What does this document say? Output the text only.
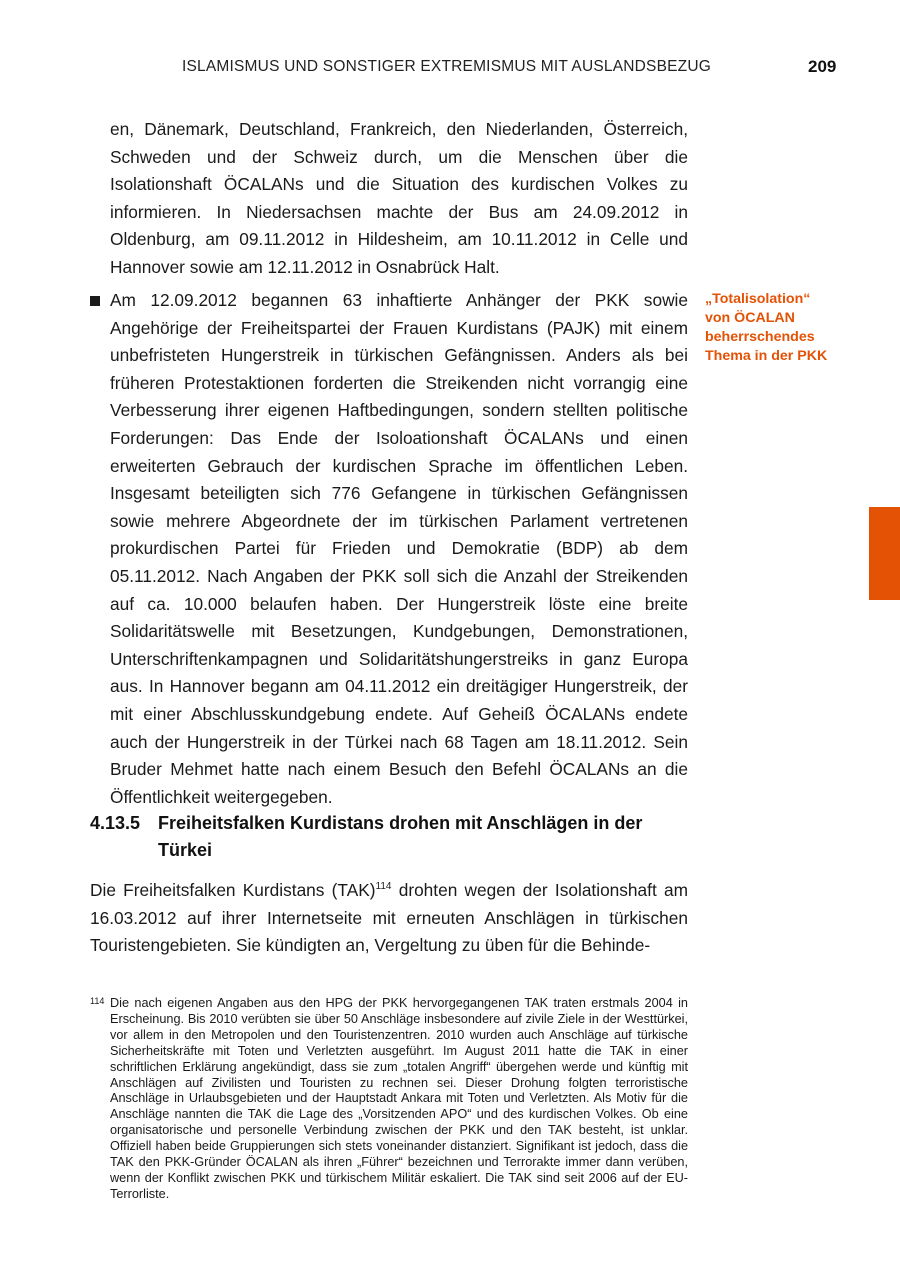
ISLAMISMUS UND SONSTIGER EXTREMISMUS MIT AUSLANDSBEZUG	209

en, Dänemark, Deutschland, Frankreich, den Niederlanden, Österreich, Schweden und der Schweiz durch, um die Menschen über die Isolationshaft ÖCALANs und die Situation des kurdischen Volkes zu informieren. In Niedersachsen machte der Bus am 24.09.2012 in Oldenburg, am 09.11.2012 in Hildesheim, am 10.11.2012 in Celle und Hannover sowie am 12.11.2012 in Osnabrück Halt.

Am 12.09.2012 begannen 63 inhaftierte Anhänger der PKK sowie Angehörige der Freiheitspartei der Frauen Kurdistans (PAJK) mit einem unbefristeten Hungerstreik in türkischen Gefängnissen. Anders als bei früheren Protestaktionen forderten die Streikenden nicht vorrangig eine Verbesserung ihrer eigenen Haftbedingungen, sondern stellten politische Forderungen: Das Ende der Isoloationshaft ÖCALANs und einen erweiterten Gebrauch der kurdischen Sprache im öffentlichen Leben. Insgesamt beteiligten sich 776 Gefangene in türkischen Gefängnissen sowie mehrere Abgeordnete der im türkischen Parlament vertretenen prokurdischen Partei für Frieden und Demokratie (BDP) ab dem 05.11.2012. Nach Angaben der PKK soll sich die Anzahl der Streikenden auf ca. 10.000 belaufen haben. Der Hungerstreik löste eine breite Solidaritätswelle mit Besetzungen, Kundgebungen, Demonstrationen, Unterschriftenkampagnen und Solidaritätshungerstreiks in ganz Europa aus. In Hannover begann am 04.11.2012 ein dreitägiger Hungerstreik, der mit einer Abschlusskundgebung endete. Auf Geheiß ÖCALANs endete auch der Hungerstreik in der Türkei nach 68 Tagen am 18.11.2012. Sein Bruder Mehmet hatte nach einem Besuch den Befehl ÖCALANs an die Öffentlichkeit weitergegeben.

„Totalisolation“
von ÖCALAN
beherrschendes
Thema in der PKK
4.13.5 Freiheitsfalken Kurdistans drohen mit Anschlägen in der Türkei

Die Freiheitsfalken Kurdistans (TAK)$^{114}$ drohten wegen der Isolationshaft am 16.03.2012 auf ihrer Internetseite mit erneuten Anschlägen in türkischen Touristengebieten. Sie kündigten an, Vergeltung zu üben für die Behinde-

114 Die nach eigenen Angaben aus den HPG der PKK hervorgegangenen TAK traten erstmals 2004 in Erscheinung. Bis 2010 verübten sie über 50 Anschläge insbesondere auf zivile Ziele in der Westtürkei, vor allem in den Metropolen und den Touristenzentren. 2010 wurden auch Anschläge auf türkische Sicherheitskräfte mit Toten und Verletzten ausgeführt. Im August 2011 hatte die TAK in einer schriftlichen Erklärung angekündigt, dass sie zum „totalen Angriff“ übergehen werde und künftig mit Anschlägen auf Zivilisten und Touristen zu rechnen sei. Dieser Drohung folgten terroristische Anschläge in Urlaubsgebieten und der Hauptstadt Ankara mit Toten und Verletzten. Als Motiv für die Anschläge nannten die TAK die Lage des „Vorsitzenden APO“ und des kurdischen Volkes. Ob eine organisatorische und personelle Verbindung zwischen der PKK und den TAK besteht, ist unklar. Offiziell haben beide Gruppierungen sich stets voneinander distanziert. Signifikant ist jedoch, dass die TAK den PKK-Gründer ÖCALAN als ihren „Führer“ bezeichnen und Terrorakte immer dann verüben, wenn der Konflikt zwischen PKK und türkischem Militär eskaliert. Die TAK sind seit 2006 auf der EU-Terrorliste.
